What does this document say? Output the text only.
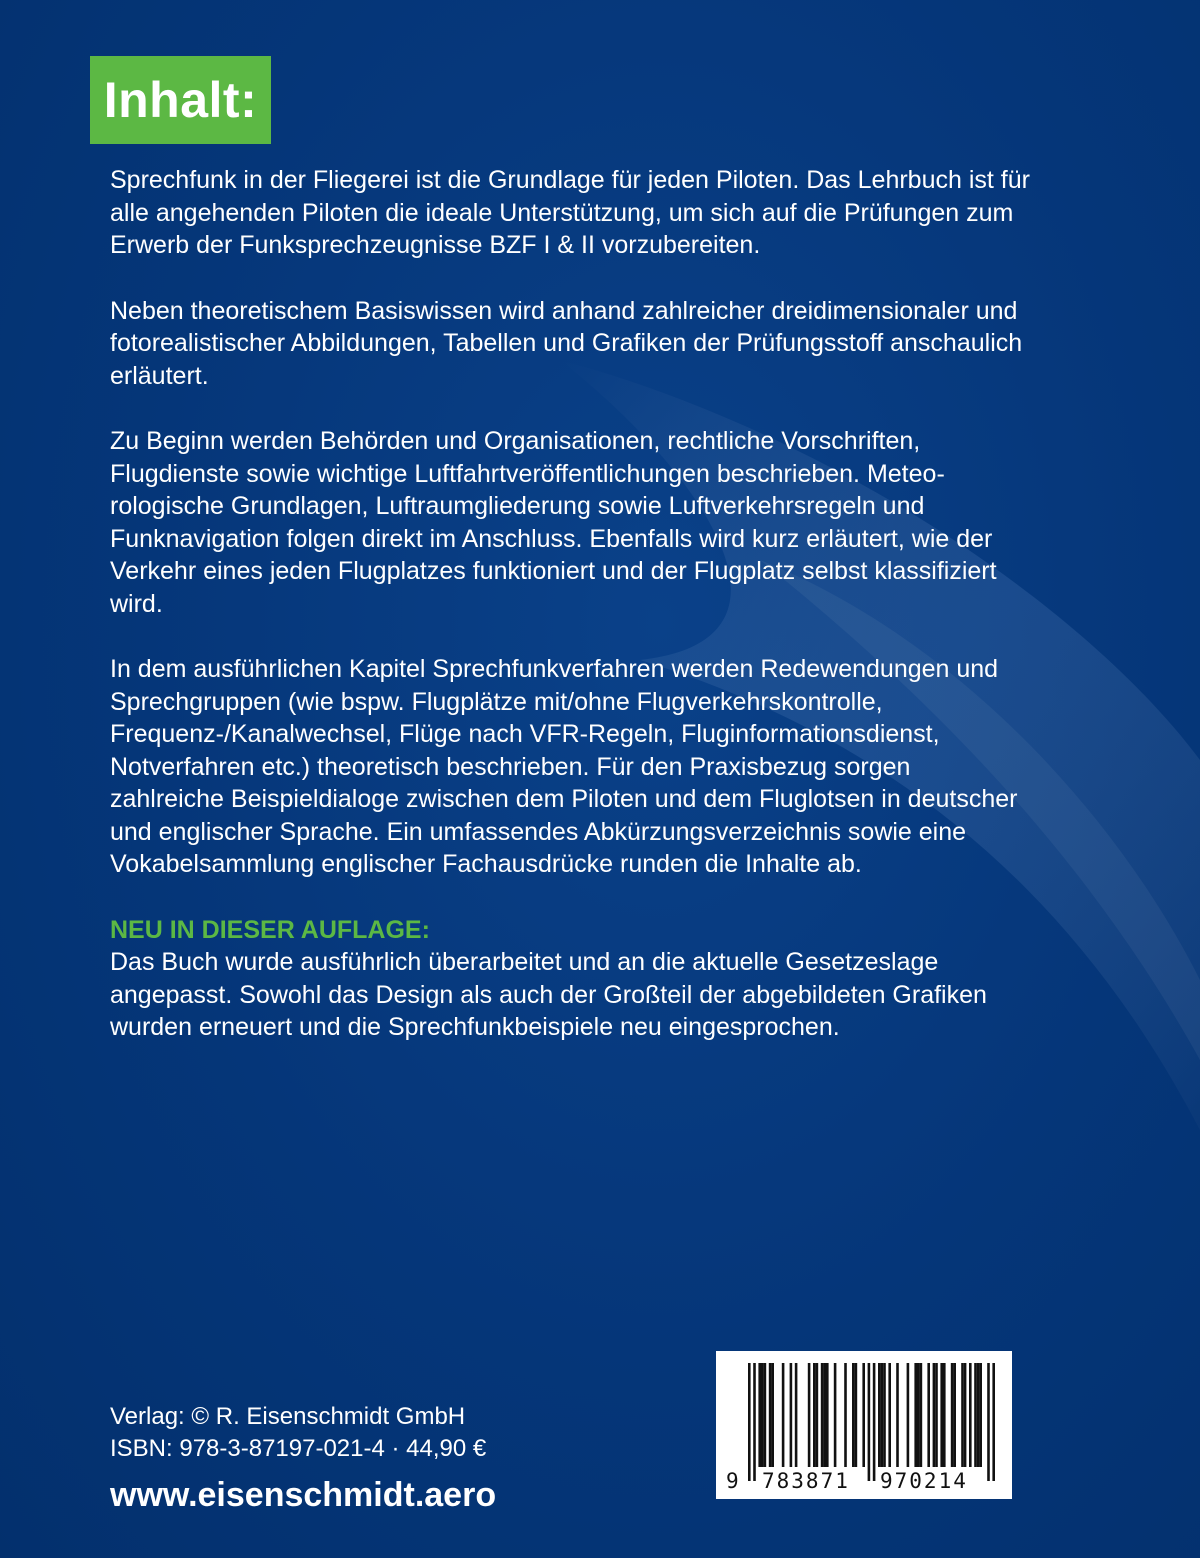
Inhalt:

Sprechfunk in der Fliegerei ist die Grundlage für jeden Piloten. Das Lehrbuch ist für alle angehenden Piloten die ideale Unterstützung, um sich auf die Prüfungen zum Erwerb der Funksprechzeugnisse BZF I & II vorzubereiten.

Neben theoretischem Basiswissen wird anhand zahlreicher dreidimensionaler und fotorealistischer Abbildungen, Tabellen und Grafiken der Prüfungsstoff anschaulich erläutert.

Zu Beginn werden Behörden und Organisationen, rechtliche Vorschriften, Flugdienste sowie wichtige Luftfahrtveröffentlichungen beschrieben. Meteorologische Grundlagen, Luftraumgliederung sowie Luftverkehrsregeln und Funknavigation folgen direkt im Anschluss. Ebenfalls wird kurz erläutert, wie der Verkehr eines jeden Flugplatzes funktioniert und der Flugplatz selbst klassifiziert wird.

In dem ausführlichen Kapitel Sprechfunkverfahren werden Redewendungen und Sprechgruppen (wie bspw. Flugplätze mit/ohne Flugverkehrskontrolle, Frequenz-/Kanalwechsel, Flüge nach VFR-Regeln, Fluginformationsdienst, Notverfahren etc.) theoretisch beschrieben. Für den Praxisbezug sorgen zahlreiche Beispieldialoge zwischen dem Piloten und dem Fluglotsen in deutscher und englischer Sprache. Ein umfassendes Abkürzungsverzeichnis sowie eine Vokabelsammlung englischer Fachausdrücke runden die Inhalte ab.

NEU IN DIESER AUFLAGE:

Das Buch wurde ausführlich überarbeitet und an die aktuelle Gesetzeslage angepasst. Sowohl das Design als auch der Großteil der abgebildeten Grafiken wurden erneuert und die Sprechfunkbeispiele neu eingesprochen.

Verlag: © R. Eisenschmidt GmbH
ISBN: 978-3-87197-021-4 · 44,90 €
www.eisenschmidt.aero	9 783871 970214
